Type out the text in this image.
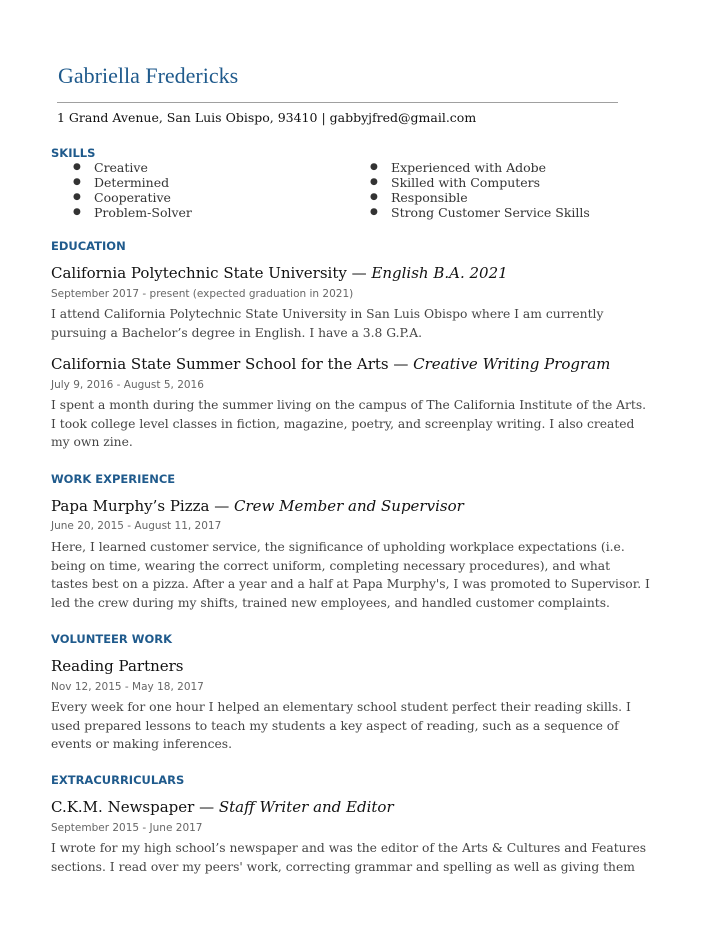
Gabriella Fredericks
1 Grand Avenue, San Luis Obispo, 93410 | gabbyjfred@gmail.com
SKILLS
● Creative
● Determined
● Cooperative
● Problem-Solver
● Experienced with Adobe
● Skilled with Computers
● Responsible
● Strong Customer Service Skills
EDUCATION
California Polytechnic State University — English B.A. 2021
September 2017 - present (expected graduation in 2021)
I attend California Polytechnic State University in San Luis Obispo where I am currently pursuing a Bachelor’s degree in English. I have a 3.8 G.P.A.
California State Summer School for the Arts — Creative Writing Program
July 9, 2016 - August 5, 2016
I spent a month during the summer living on the campus of The California Institute of the Arts. I took college level classes in fiction, magazine, poetry, and screenplay writing. I also created my own zine.
WORK EXPERIENCE
Papa Murphy’s Pizza — Crew Member and Supervisor
June 20, 2015 - August 11, 2017
Here, I learned customer service, the significance of upholding workplace expectations (i.e. being on time, wearing the correct uniform, completing necessary procedures), and what tastes best on a pizza. After a year and a half at Papa Murphy's, I was promoted to Supervisor. I led the crew during my shifts, trained new employees, and handled customer complaints.
VOLUNTEER WORK
Reading Partners
Nov 12, 2015 - May 18, 2017
Every week for one hour I helped an elementary school student perfect their reading skills. I used prepared lessons to teach my students a key aspect of reading, such as a sequence of events or making inferences.
EXTRACURRICULARS
C.K.M. Newspaper — Staff Writer and Editor
September 2015 - June 2017
I wrote for my high school’s newspaper and was the editor of the Arts & Cultures and Features sections. I read over my peers' work, correcting grammar and spelling as well as giving them
